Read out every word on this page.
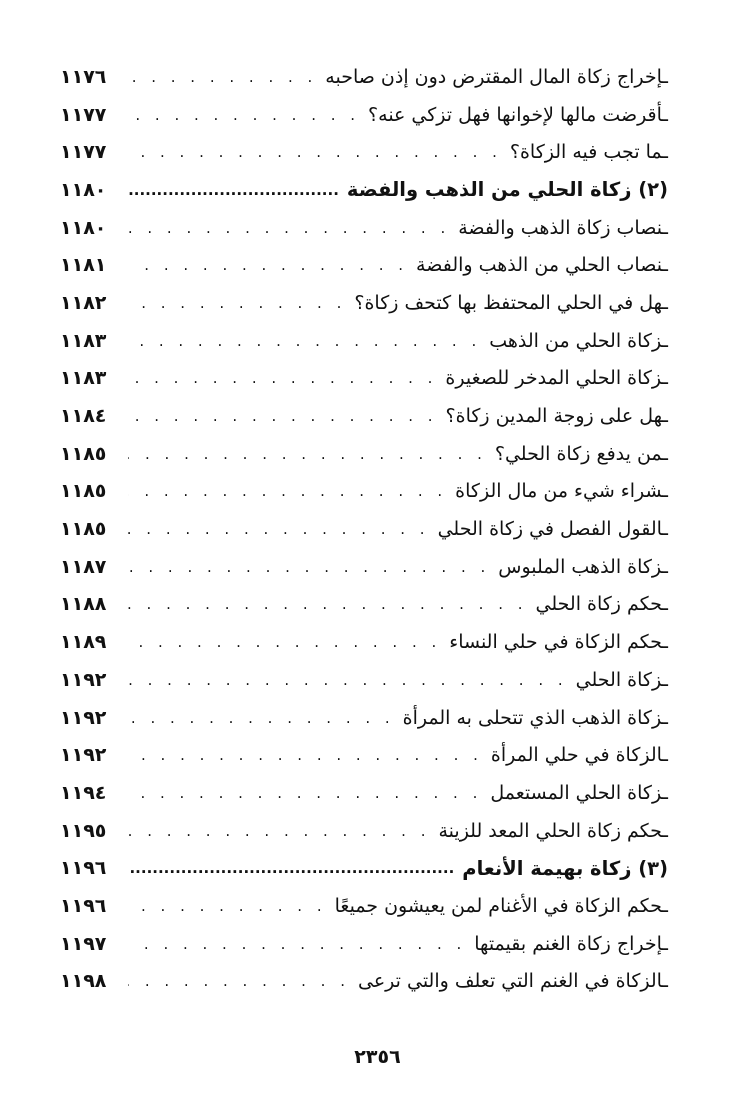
ـإخراج زكاة المال المقترض دون إذن صاحبه
. . .
١١٧٦
ـأقرضت مالها لإخوانها فهل تزكي عنه؟
. . .
١١٧٧
ـما تجب فيه الزكاة؟
. . .
١١٧٧
(٢) زكاة الحلي من الذهب والفضة
.....
١١٨٠
ـنصاب زكاة الذهب والفضة
. . .
١١٨٠
ـنصاب الحلي من الذهب والفضة
. . .
١١٨١
ـهل في الحلي المحتفظ بها كتحف زكاة؟
. . .
١١٨٢
ـزكاة الحلي من الذهب
. . .
١١٨٣
ـزكاة الحلي المدخر للصغيرة
. . .
١١٨٣
ـهل على زوجة المدين زكاة؟
. . .
١١٨٤
ـمن يدفع زكاة الحلي؟
. . .
١١٨٥
ـشراء شيء من مال الزكاة
. . .
١١٨٥
ـالقول الفصل في زكاة الحلي
. . .
١١٨٥
ـزكاة الذهب الملبوس
. . .
١١٨٧
ـحكم زكاة الحلي
. . .
١١٨٨
ـحكم الزكاة في حلي النساء
. . .
١١٨٩
ـزكاة الحلي
. . .
١١٩٢
ـزكاة الذهب الذي تتحلى به المرأة
. . .
١١٩٢
ـالزكاة في حلي المرأة
. . .
١١٩٢
ـزكاة الحلي المستعمل
. . .
١١٩٤
ـحكم زكاة الحلي المعد للزينة
. . .
١١٩٥
(٣) زكاة بهيمة الأنعام
.....
١١٩٦
ـحكم الزكاة في الأغنام لمن يعيشون جميعًا
. . .
١١٩٦
ـإخراج زكاة الغنم بقيمتها
. . .
١١٩٧
ـالزكاة في الغنم التي تعلف والتي ترعى
. . .
١١٩٨
٢٣٥٦
